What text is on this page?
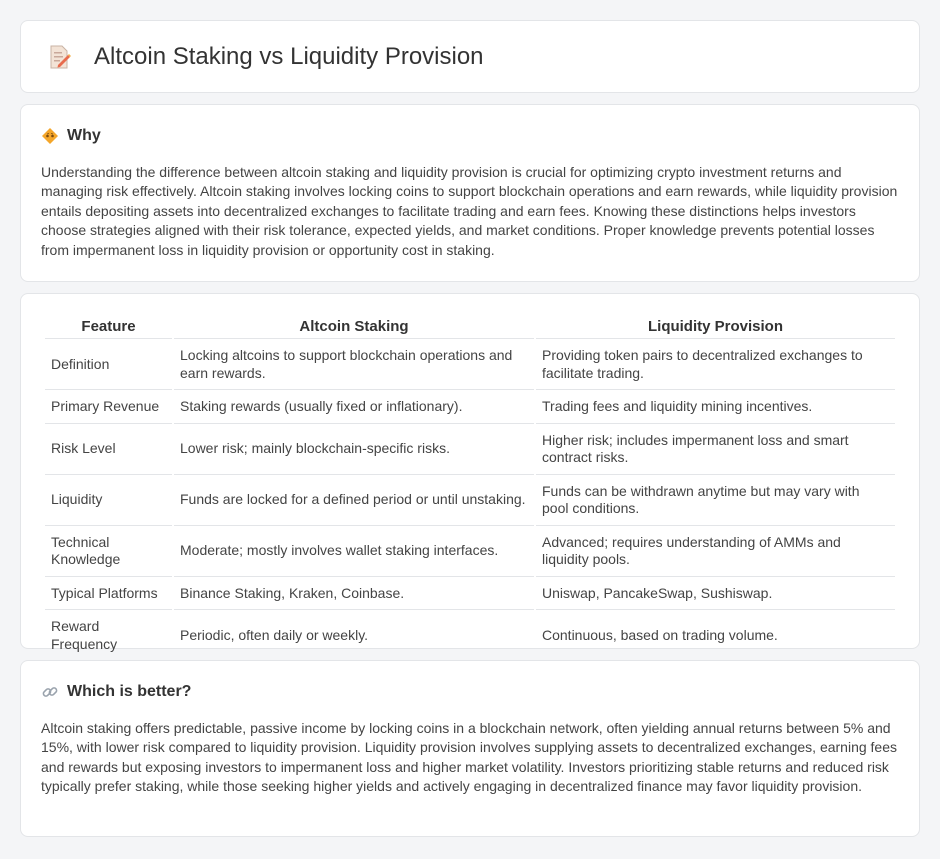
Altcoin Staking vs Liquidity Provision
Why

Understanding the difference between altcoin staking and liquidity provision is crucial for optimizing crypto investment returns and managing risk effectively. Altcoin staking involves locking coins to support blockchain operations and earn rewards, while liquidity provision entails depositing assets into decentralized exchanges to facilitate trading and earn fees. Knowing these distinctions helps investors choose strategies aligned with their risk tolerance, expected yields, and market conditions. Proper knowledge prevents potential losses from impermanent loss in liquidity provision or opportunity cost in staking.

Feature	Altcoin Staking	Liquidity Provision
Definition	Locking altcoins to support blockchain operations and earn rewards.	Providing token pairs to decentralized exchanges to facilitate trading.
Primary Revenue	Staking rewards (usually fixed or inflationary).	Trading fees and liquidity mining incentives.
Risk Level	Lower risk; mainly blockchain-specific risks.	Higher risk; includes impermanent loss and smart contract risks.
Liquidity	Funds are locked for a defined period or until unstaking.	Funds can be withdrawn anytime but may vary with pool conditions.
Technical Knowledge	Moderate; mostly involves wallet staking interfaces.	Advanced; requires understanding of AMMs and liquidity pools.
Typical Platforms	Binance Staking, Kraken, Coinbase.	Uniswap, PancakeSwap, Sushiswap.
Reward Frequency	Periodic, often daily or weekly.	Continuous, based on trading volume.
Which is better?

Altcoin staking offers predictable, passive income by locking coins in a blockchain network, often yielding annual returns between 5% and 15%, with lower risk compared to liquidity provision. Liquidity provision involves supplying assets to decentralized exchanges, earning fees and rewards but exposing investors to impermanent loss and higher market volatility. Investors prioritizing stable returns and reduced risk typically prefer staking, while those seeking higher yields and actively engaging in decentralized finance may favor liquidity provision.
